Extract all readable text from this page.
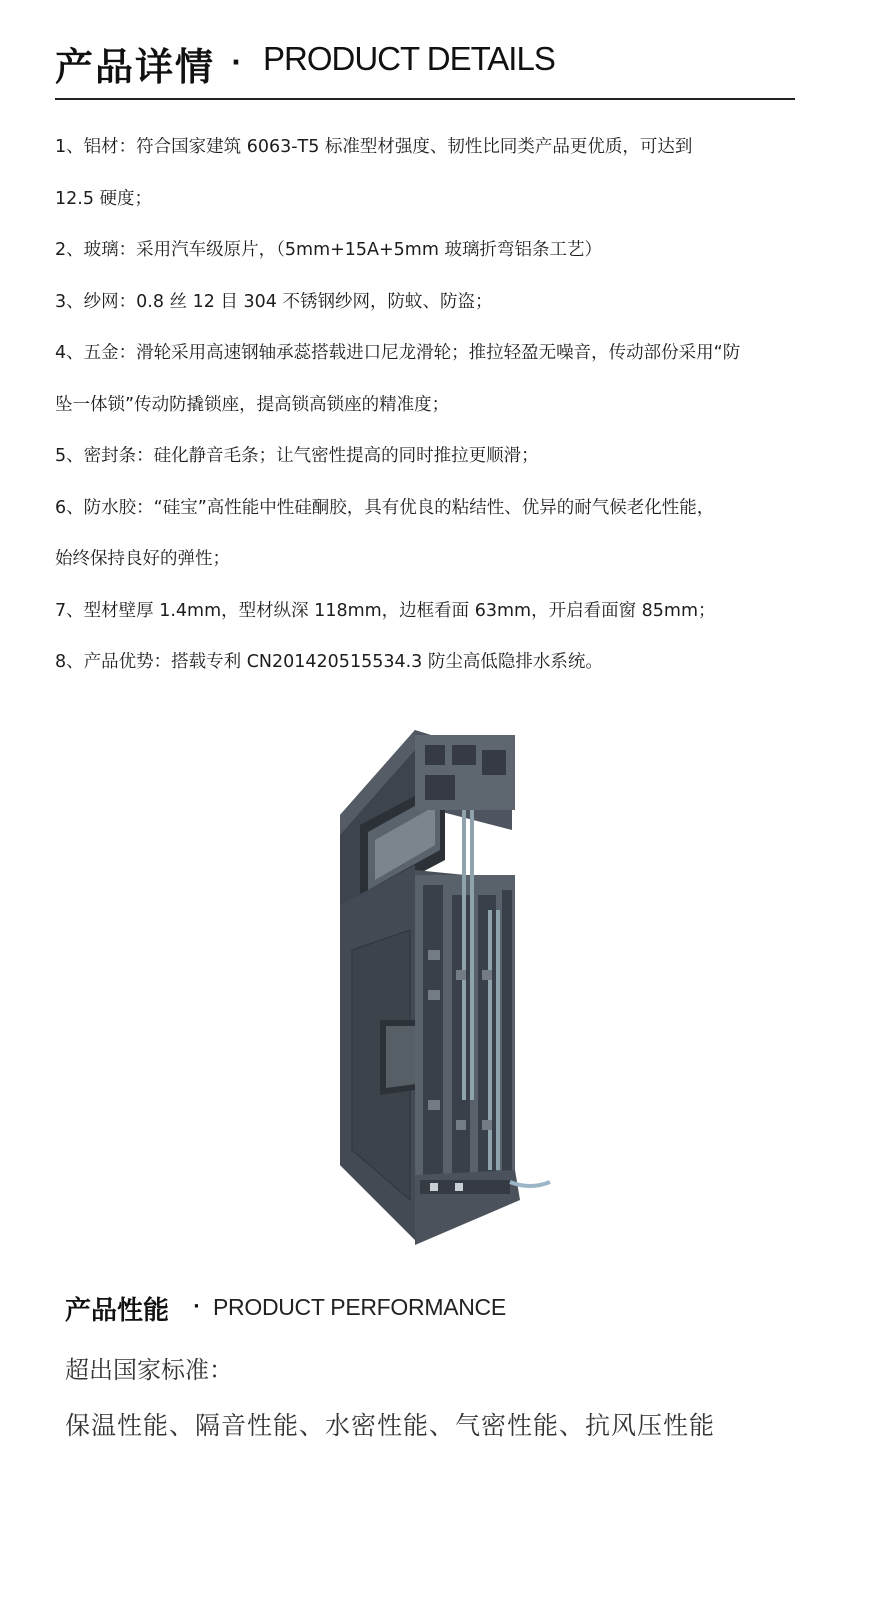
产品详情 · PRODUCT DETAILS
1、铝材：符合国家建筑 6063-T5 标准型材强度、韧性比同类产品更优质，可达到
12.5 硬度；
2、玻璃：采用汽车级原片，（5mm+15A+5mm 玻璃折弯铝条工艺）
3、纱网：0.8 丝 12 目 304 不锈钢纱网，防蚊、防盗；
4、五金：滑轮采用高速钢轴承蕊搭载进口尼龙滑轮；推拉轻盈无噪音，传动部份采用“防
坠一体锁”传动防撬锁座，提高锁高锁座的精准度；
5、密封条：硅化静音毛条；让气密性提高的同时推拉更顺滑；
6、防水胶：“硅宝”高性能中性硅酮胶，具有优良的粘结性、优异的耐气候老化性能，
始终保持良好的弹性；
7、型材壁厚 1.4mm，型材纵深 118mm，边框看面 63mm，开启看面窗 85mm；
8、产品优势：搭载专利 CN201420515534.3 防尘高低隐排水系统。
产品性能 · PRODUCT PERFORMANCE
超出国家标准：
保温性能、隔音性能、水密性能、气密性能、抗风压性能
